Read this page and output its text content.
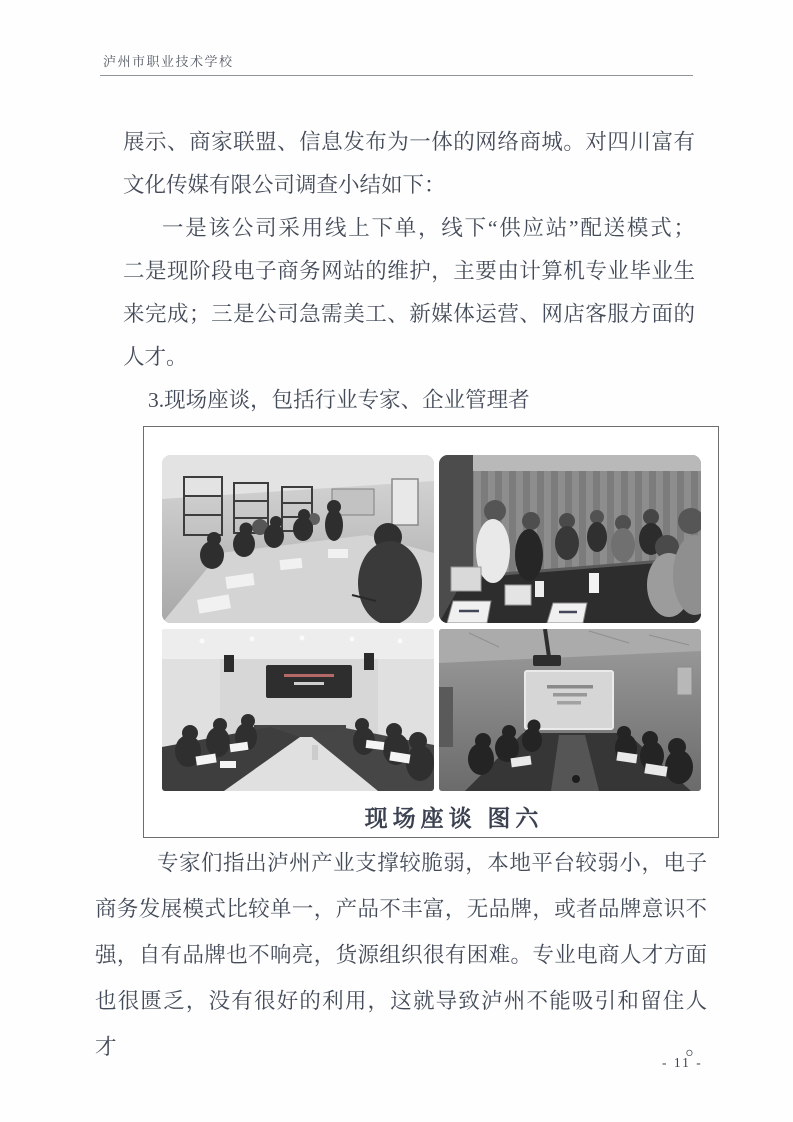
泸州市职业技术学校
展示、商家联盟、信息发布为一体的网络商城。对四川富有
文化传媒有限公司调查小结如下：
一是该公司采用线上下单，线下“供应站”配送模式；
二是现阶段电子商务网站的维护，主要由计算机专业毕业生
来完成；三是公司急需美工、新媒体运营、网店客服方面的
人才。
3.现场座谈，包括行业专家、企业管理者
现场座谈 图六
专家们指出泸州产业支撑较脆弱，本地平台较弱小，电子
商务发展模式比较单一，产品不丰富，无品牌，或者品牌意识不
强，自有品牌也不响亮，货源组织很有困难。专业电商人才方面
也很匮乏，没有很好的利用，这就导致泸州不能吸引和留住人才。
- 11 -
